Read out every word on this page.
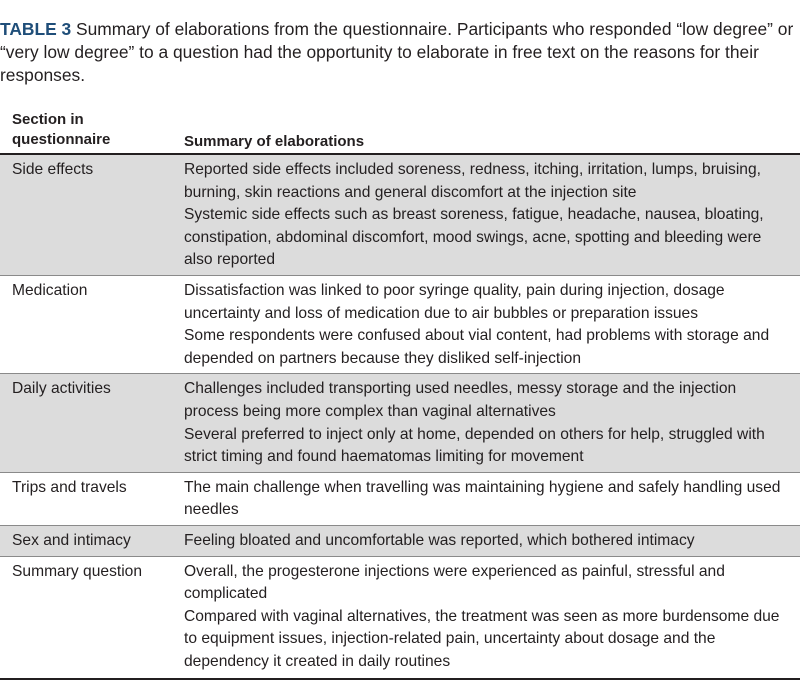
TABLE 3 Summary of elaborations from the questionnaire. Participants who responded “low degree” or “very low degree” to a question had the opportunity to elaborate in free text on the reasons for their responses.

Section in questionnaire	Summary of elaborations
Side effects	Reported side effects included soreness, redness, itching, irritation, lumps, bruising, burning, skin reactions and general discomfort at the injection site

Systemic side effects such as breast soreness, fatigue, headache, nausea, bloating, constipation, abdominal discomfort, mood swings, acne, spotting and bleeding were also reported

Medication	Dissatisfaction was linked to poor syringe quality, pain during injection, dosage uncertainty and loss of medication due to air bubbles or preparation issues

Some respondents were confused about vial content, had problems with storage and depended on partners because they disliked self-injection

Daily activities	Challenges included transporting used needles, messy storage and the injection process being more complex than vaginal alternatives

Several preferred to inject only at home, depended on others for help, struggled with strict timing and found haematomas limiting for movement

Trips and travels	The main challenge when travelling was maintaining hygiene and safely handling used needles

Sex and intimacy	Feeling bloated and uncomfortable was reported, which bothered intimacy

Summary question	Overall, the progesterone injections were experienced as painful, stressful and complicated

Compared with vaginal alternatives, the treatment was seen as more burdensome due to equipment issues, injection-related pain, uncertainty about dosage and the dependency it created in daily routines
